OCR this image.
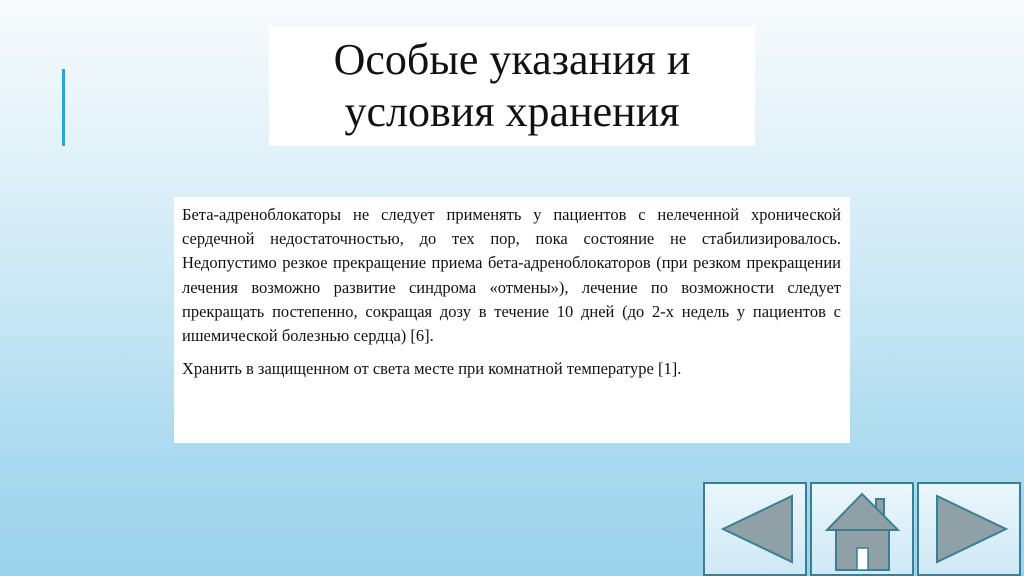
Особые указания и
условия хранения

Бета-адреноблокаторы не следует применять у пациентов с нелеченной хронической сердечной недостаточностью, до тех пор, пока состояние не стабилизировалось. Недопустимо резкое прекращение приема бета-адреноблокаторов (при резком прекращении лечения возможно развитие синдрома «отмены»), лечение по возможности следует прекращать постепенно, сокращая дозу в течение 10 дней (до 2-х недель у пациентов с ишемической болезнью сердца) [6].

Хранить в защищенном от света месте при комнатной температуре [1].
